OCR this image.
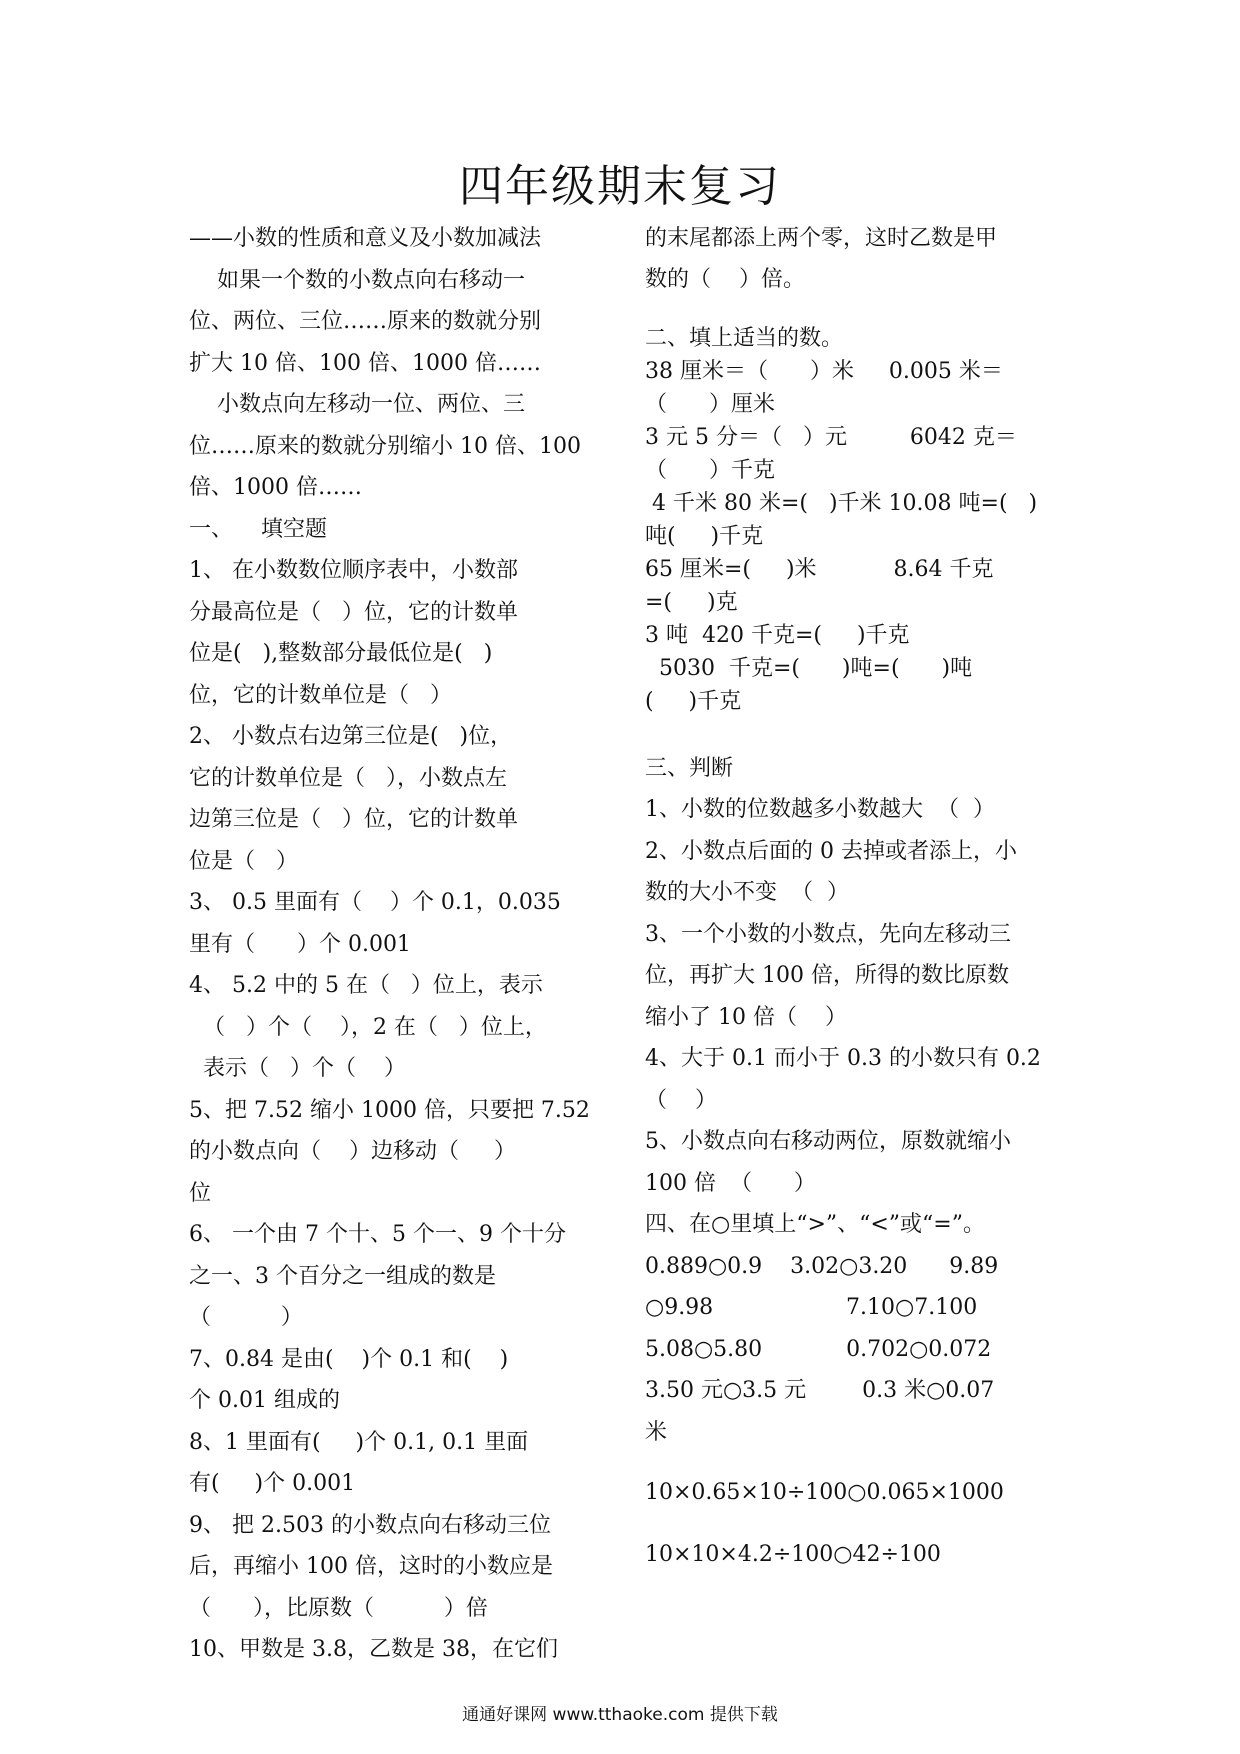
四年级期末复习
——小数的性质和意义及小数加减法
如果一个数的小数点向右移动一
位、两位、三位……原来的数就分别
扩大 10 倍、100 倍、1000 倍……
小数点向左移动一位、两位、三
位……原来的数就分别缩小 10 倍、100
倍、1000 倍……
一、    填空题
1、 在小数数位顺序表中，小数部
分最高位是（   ）位，它的计数单
位是(   ),整数部分最低位是(   )
位，它的计数单位是（   ）
2、 小数点右边第三位是(   )位，
它的计数单位是（   ），小数点左
边第三位是（   ）位，它的计数单
位是（   ）
3、 0.5 里面有（    ）个 0.1，0.035
里有（      ）个 0.001
4、 5.2 中的 5 在（   ）位上，表示
（   ）个（    ），2 在（   ）位上，
表示（   ）个（    ）
5、把 7.52 缩小 1000 倍，只要把 7.52
的小数点向（    ）边移动（     ）
位
6、 一个由 7 个十、5 个一、9 个十分
之一、3 个百分之一组成的数是
（          ）
7、0.84 是由(    )个 0.1 和(    )
个 0.01 组成的
8、1 里面有(     )个 0.1, 0.1 里面
有(     )个 0.001
9、 把 2.503 的小数点向右移动三位
后，再缩小 100 倍，这时的小数应是
（      ），比原数（          ）倍
10、甲数是 3.8，乙数是 38，在它们
的末尾都添上两个零，这时乙数是甲
数的（    ）倍。
二、填上适当的数。
38 厘米＝（      ）米     0.005 米＝
（      ）厘米
3 元 5 分＝（   ）元         6042 克＝
（      ）千克
4 千米 80 米=(   )千米 10.08 吨=(   )
吨(     )千克
65 厘米=(     )米           8.64 千克
=(     )克
3 吨  420 千克=(     )千克
5030  千克=(      )吨=(      )吨
(     )千克
三、判断
1、小数的位数越多小数越大  （  ）
2、小数点后面的 0 去掉或者添上，小
数的大小不变  （  ）
3、一个小数的小数点，先向左移动三
位，再扩大 100 倍，所得的数比原数
缩小了 10 倍（    ）
4、大于 0.1 而小于 0.3 的小数只有 0.2
（    ）
5、小数点向右移动两位，原数就缩小
100 倍  （      ）
四、在○里填上“>”、“<”或“=”。
0.889○0.9    3.02○3.20      9.89
○9.98                   7.10○7.100
5.08○5.80            0.702○0.072
3.50 元○3.5 元        0.3 米○0.07
米
10×0.65×10÷100○0.065×1000
10×10×4.2÷100○42÷100
通通好课网 www.tthaoke.com 提供下载
